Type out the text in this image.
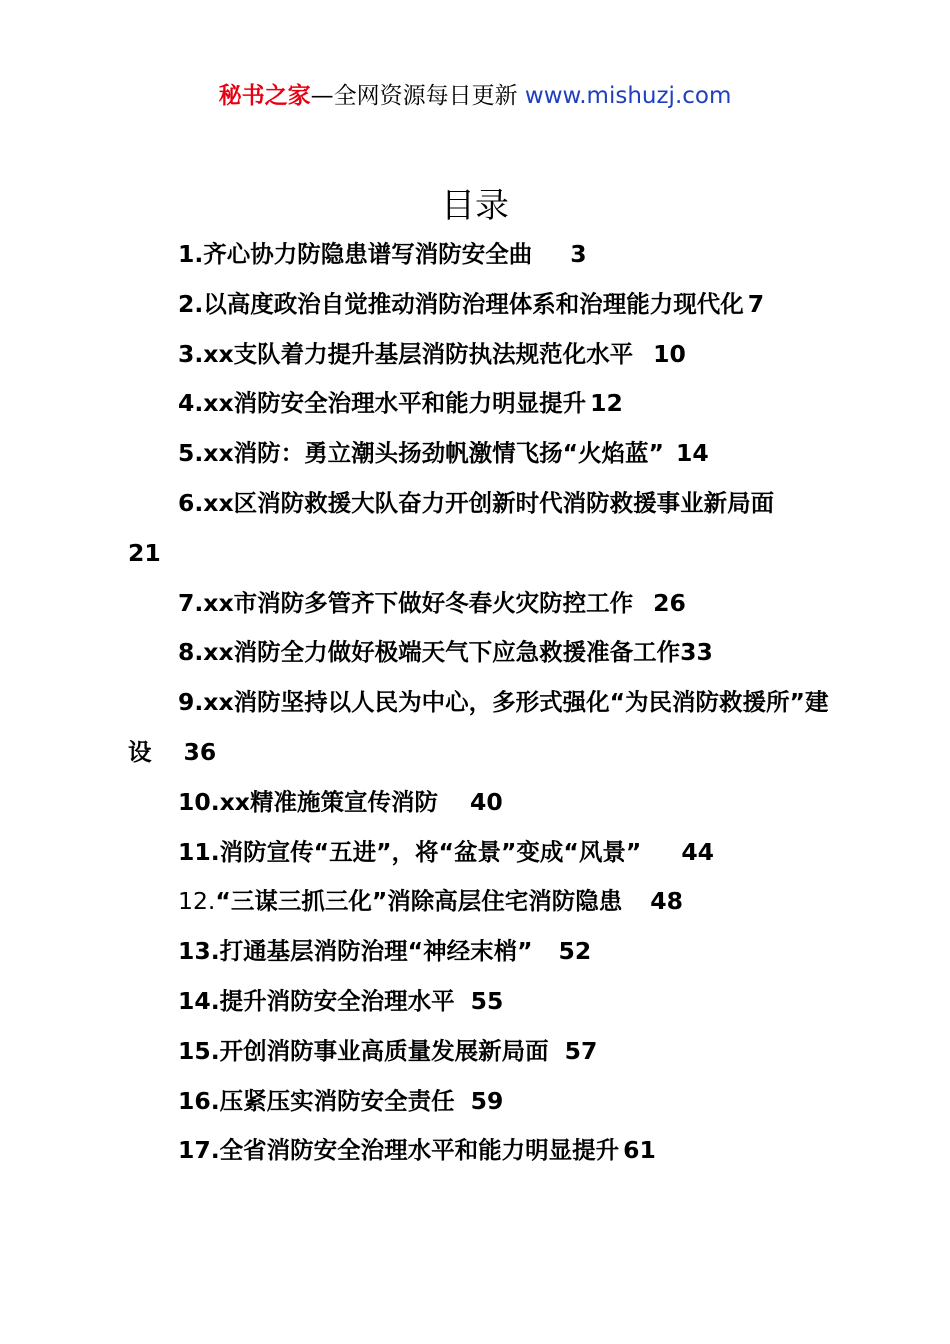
秘书之家—全网资源每日更新 www.mishuzj.com
目录
1.齐心协力防隐患谱写消防安全曲 3
2.以高度政治自觉推动消防治理体系和治理能力现代化 7
3.xx支队着力提升基层消防执法规范化水平 10
4.xx消防安全治理水平和能力明显提升 12
5.xx消防：勇立潮头扬劲帆激情飞扬“火焰蓝” 14
6.xx区消防救援大队奋力开创新时代消防救援事业新局面21
7.xx市消防多管齐下做好冬春火灾防控工作 26
8.xx消防全力做好极端天气下应急救援准备工作33
9.xx消防坚持以人民为中心，多形式强化“为民消防救援所”建设 36
10.xx精准施策宣传消防 40
11.消防宣传“五进”，将“盆景”变成“风景” 44
12.“三谋三抓三化”消除高层住宅消防隐患 48
13.打通基层消防治理“神经末梢” 52
14.提升消防安全治理水平 55
15.开创消防事业高质量发展新局面 57
16.压紧压实消防安全责任 59
17.全省消防安全治理水平和能力明显提升 61
